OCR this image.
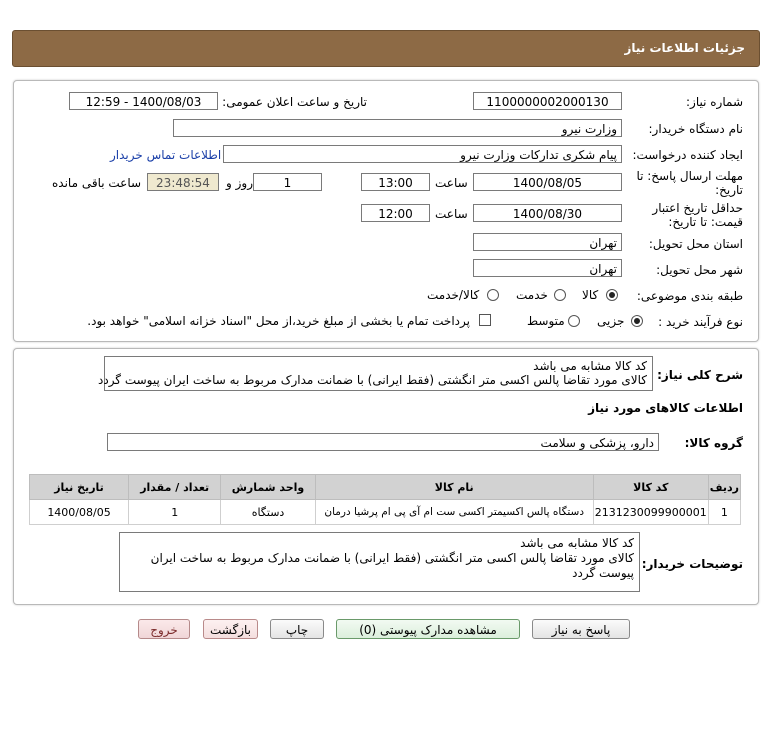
جزئیات اطلاعات نیاز
شماره نیاز:
1100000002000130
تاریخ و ساعت اعلان عمومی:
1400/08/03 - 12:59
نام دستگاه خریدار:
وزارت نیرو
ایجاد کننده درخواست:
پیام شکری تدارکات وزارت نیرو
اطلاعات تماس خریدار
مهلت ارسال پاسخ: تا
تاریخ:
1400/08/05
ساعت
13:00
1
روز و
23:48:54
ساعت باقی مانده
حداقل تاریخ اعتبار
قیمت: تا تاریخ:
1400/08/30
ساعت
12:00
استان محل تحویل:
تهران
شهر محل تحویل:
تهران
طبقه بندی موضوعی:
کالا
خدمت
کالا/خدمت
نوع فرآیند خرید :
جزیی
متوسط
پرداخت تمام یا بخشی از مبلغ خرید،از محل "اسناد خزانه اسلامی" خواهد بود.
شرح کلی نیاز:
کد کالا مشابه می باشد
کالای مورد تقاضا پالس اکسی متر انگشتی (فقط ایرانی) با ضمانت مدارک مربوط به ساخت ایران پیوست گردد
اطلاعات کالاهای مورد نیاز
گروه کالا:
دارو، پزشکی و سلامت
ردیف	کد کالا	نام کالا	واحد شمارش	تعداد / مقدار	تاریخ نیاز
1	2131230099900001	دستگاه پالس اکسیمتر اکسی ست ام آی پی ام پرشیا درمان	دستگاه	1	1400/08/05
توضیحات خریدار:
کد کالا مشابه می باشد
کالای مورد تقاضا پالس اکسی متر انگشتی (فقط ایرانی) با ضمانت مدارک مربوط به ساخت ایران پیوست گردد
پاسخ به نیاز
مشاهده مدارک پیوستی (0)
چاپ
بازگشت
خروج
